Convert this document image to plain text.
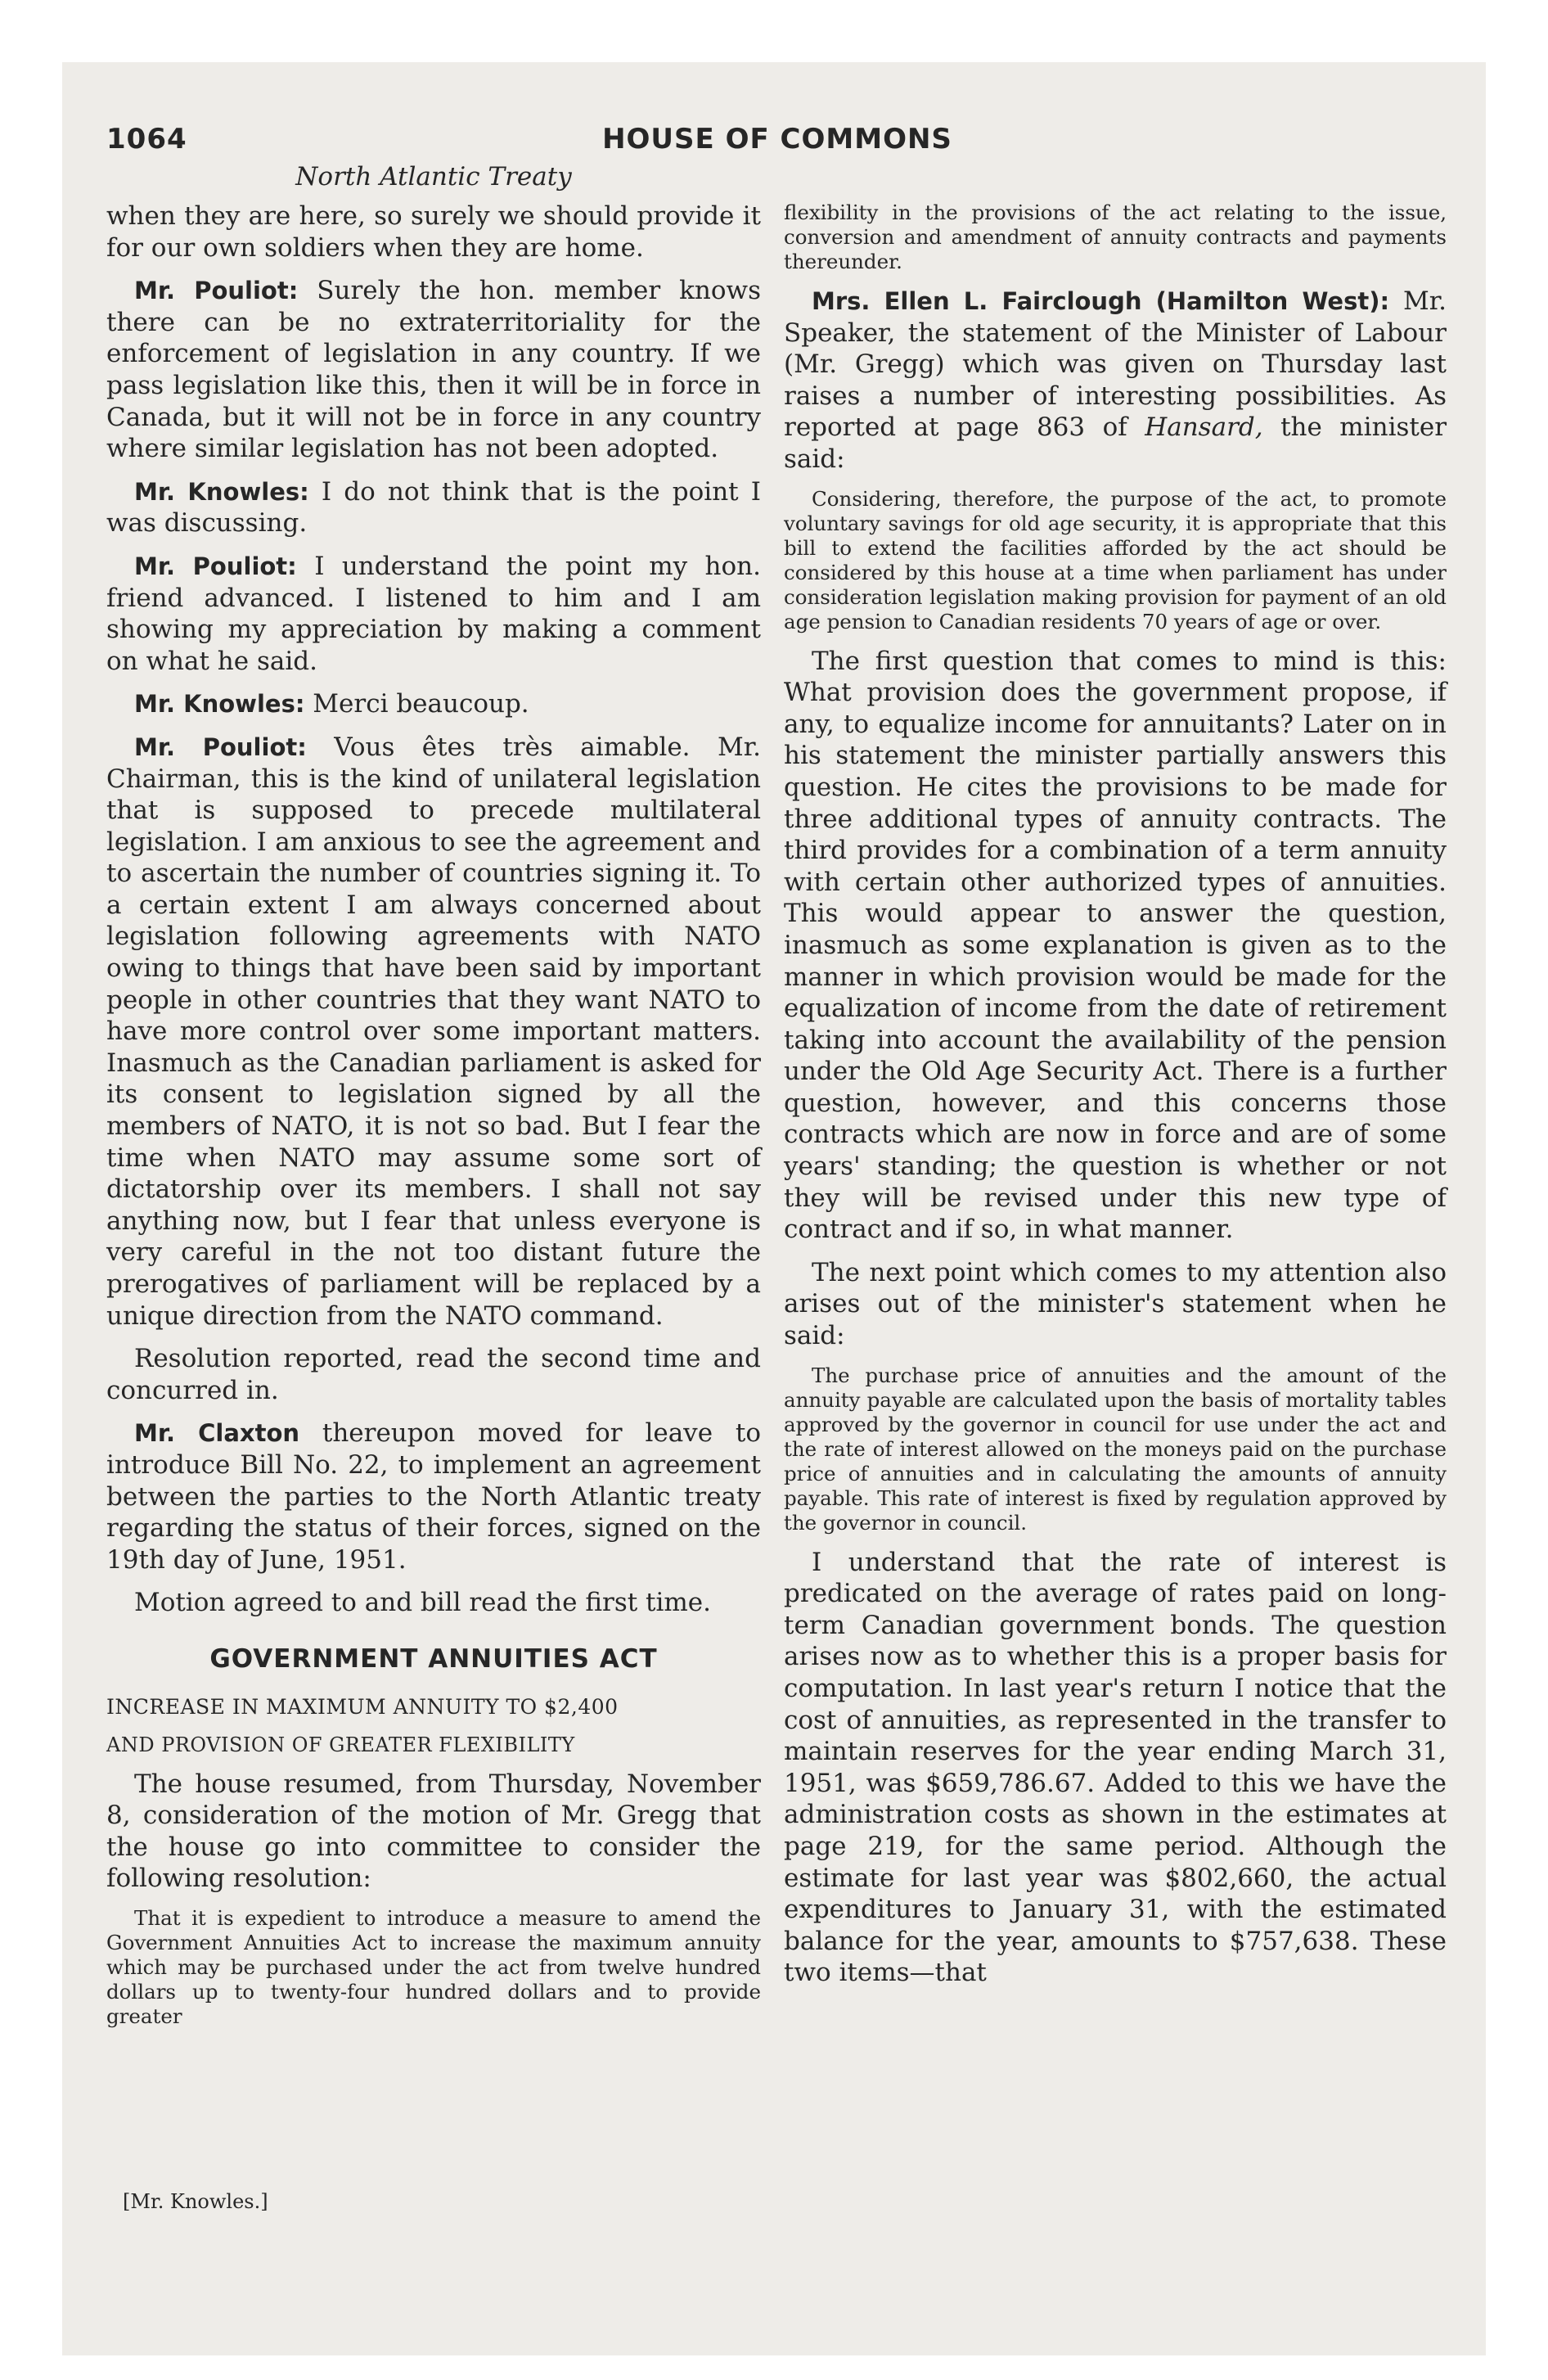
1064	HOUSE OF COMMONS
North Atlantic Treaty

when they are here, so surely we should provide it for our own soldiers when they are home.

Mr. Pouliot: Surely the hon. member knows there can be no extraterritoriality for the enforcement of legislation in any country. If we pass legislation like this, then it will be in force in Canada, but it will not be in force in any country where similar legislation has not been adopted.

Mr. Knowles: I do not think that is the point I was discussing.

Mr. Pouliot: I understand the point my hon. friend advanced. I listened to him and I am showing my appreciation by making a comment on what he said.

Mr. Knowles: Merci beaucoup.

Mr. Pouliot: Vous êtes très aimable. Mr. Chairman, this is the kind of unilateral legislation that is supposed to precede multilateral legislation. I am anxious to see the agreement and to ascertain the number of countries signing it. To a certain extent I am always concerned about legislation following agreements with NATO owing to things that have been said by important people in other countries that they want NATO to have more control over some important matters. Inasmuch as the Canadian parliament is asked for its consent to legislation signed by all the members of NATO, it is not so bad. But I fear the time when NATO may assume some sort of dictatorship over its members. I shall not say anything now, but I fear that unless everyone is very careful in the not too distant future the prerogatives of parliament will be replaced by a unique direction from the NATO command.

Resolution reported, read the second time and concurred in.

Mr. Claxton thereupon moved for leave to introduce Bill No. 22, to implement an agreement between the parties to the North Atlantic treaty regarding the status of their forces, signed on the 19th day of June, 1951.

Motion agreed to and bill read the first time.

GOVERNMENT ANNUITIES ACT

INCREASE IN MAXIMUM ANNUITY TO $2,400

AND PROVISION OF GREATER FLEXIBILITY

The house resumed, from Thursday, November 8, consideration of the motion of Mr. Gregg that the house go into committee to consider the following resolution:

That it is expedient to introduce a measure to amend the Government Annuities Act to increase the maximum annuity which may be purchased under the act from twelve hundred dollars up to twenty-four hundred dollars and to provide greater

[Mr. Knowles.]

flexibility in the provisions of the act relating to the issue, conversion and amendment of annuity contracts and payments thereunder.

Mrs. Ellen L. Fairclough (Hamilton West): Mr. Speaker, the statement of the Minister of Labour (Mr. Gregg) which was given on Thursday last raises a number of interesting possibilities. As reported at page 863 of Hansard, the minister said:

Considering, therefore, the purpose of the act, to promote voluntary savings for old age security, it is appropriate that this bill to extend the facilities afforded by the act should be considered by this house at a time when parliament has under consideration legislation making provision for payment of an old age pension to Canadian residents 70 years of age or over.

The first question that comes to mind is this: What provision does the government propose, if any, to equalize income for annuitants? Later on in his statement the minister partially answers this question. He cites the provisions to be made for three additional types of annuity contracts. The third provides for a combination of a term annuity with certain other authorized types of annuities. This would appear to answer the question, inasmuch as some explanation is given as to the manner in which provision would be made for the equalization of income from the date of retirement taking into account the availability of the pension under the Old Age Security Act. There is a further question, however, and this concerns those contracts which are now in force and are of some years' standing; the question is whether or not they will be revised under this new type of contract and if so, in what manner.

The next point which comes to my attention also arises out of the minister's statement when he said:

The purchase price of annuities and the amount of the annuity payable are calculated upon the basis of mortality tables approved by the governor in council for use under the act and the rate of interest allowed on the moneys paid on the purchase price of annuities and in calculating the amounts of annuity payable. This rate of interest is fixed by regulation approved by the governor in council.

I understand that the rate of interest is predicated on the average of rates paid on long-term Canadian government bonds. The question arises now as to whether this is a proper basis for computation. In last year's return I notice that the cost of annuities, as represented in the transfer to maintain reserves for the year ending March 31, 1951, was $659,786.67. Added to this we have the administration costs as shown in the estimates at page 219, for the same period. Although the estimate for last year was $802,660, the actual expenditures to January 31, with the estimated balance for the year, amounts to $757,638. These two items—that
